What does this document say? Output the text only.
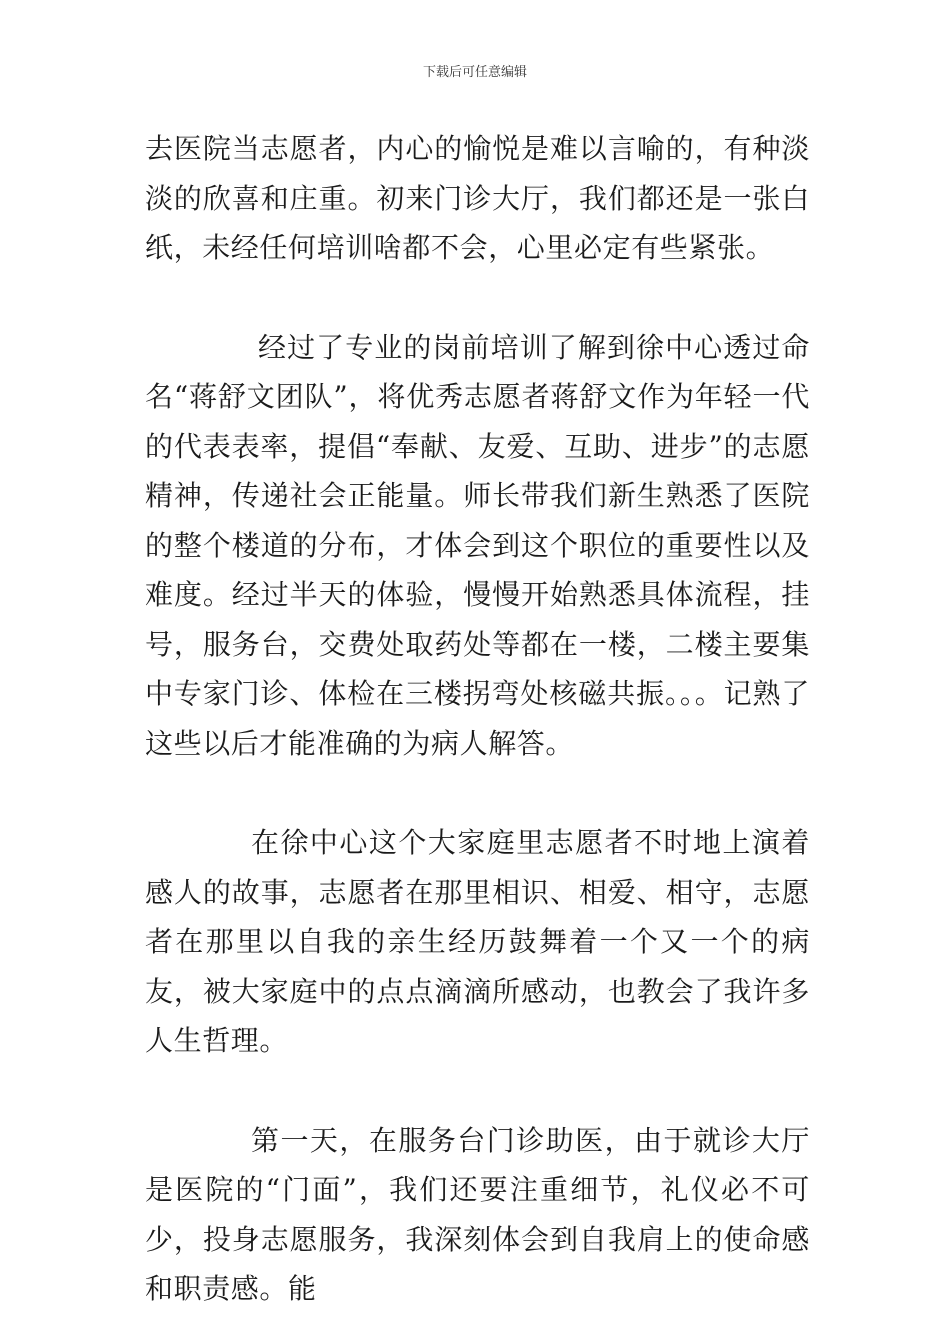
下载后可任意编辑

去医院当志愿者，内心的愉悦是难以言喻的，有种淡淡的欣喜和庄重。初来门诊大厅，我们都还是一张白纸，未经任何培训啥都不会，心里必定有些紧张。

经过了专业的岗前培训了解到徐中心透过命名“蒋舒文团队”，将优秀志愿者蒋舒文作为年轻一代的代表表率，提倡“奉献、友爱、互助、进步”的志愿精神，传递社会正能量。师长带我们新生熟悉了医院的整个楼道的分布，才体会到这个职位的重要性以及难度。经过半天的体验，慢慢开始熟悉具体流程，挂号，服务台，交费处取药处等都在一楼，二楼主要集中专家门诊、体检在三楼拐弯处核磁共振。。。记熟了这些以后才能准确的为病人解答。

在徐中心这个大家庭里志愿者不时地上演着感人的故事，志愿者在那里相识、相爱、相守，志愿者在那里以自我的亲生经历鼓舞着一个又一个的病友，被大家庭中的点点滴滴所感动，也教会了我许多人生哲理。

第一天，在服务台门诊助医，由于就诊大厅是医院的“门面”，我们还要注重细节，礼仪必不可少，投身志愿服务，我深刻体会到自我肩上的使命感和职责感。能
